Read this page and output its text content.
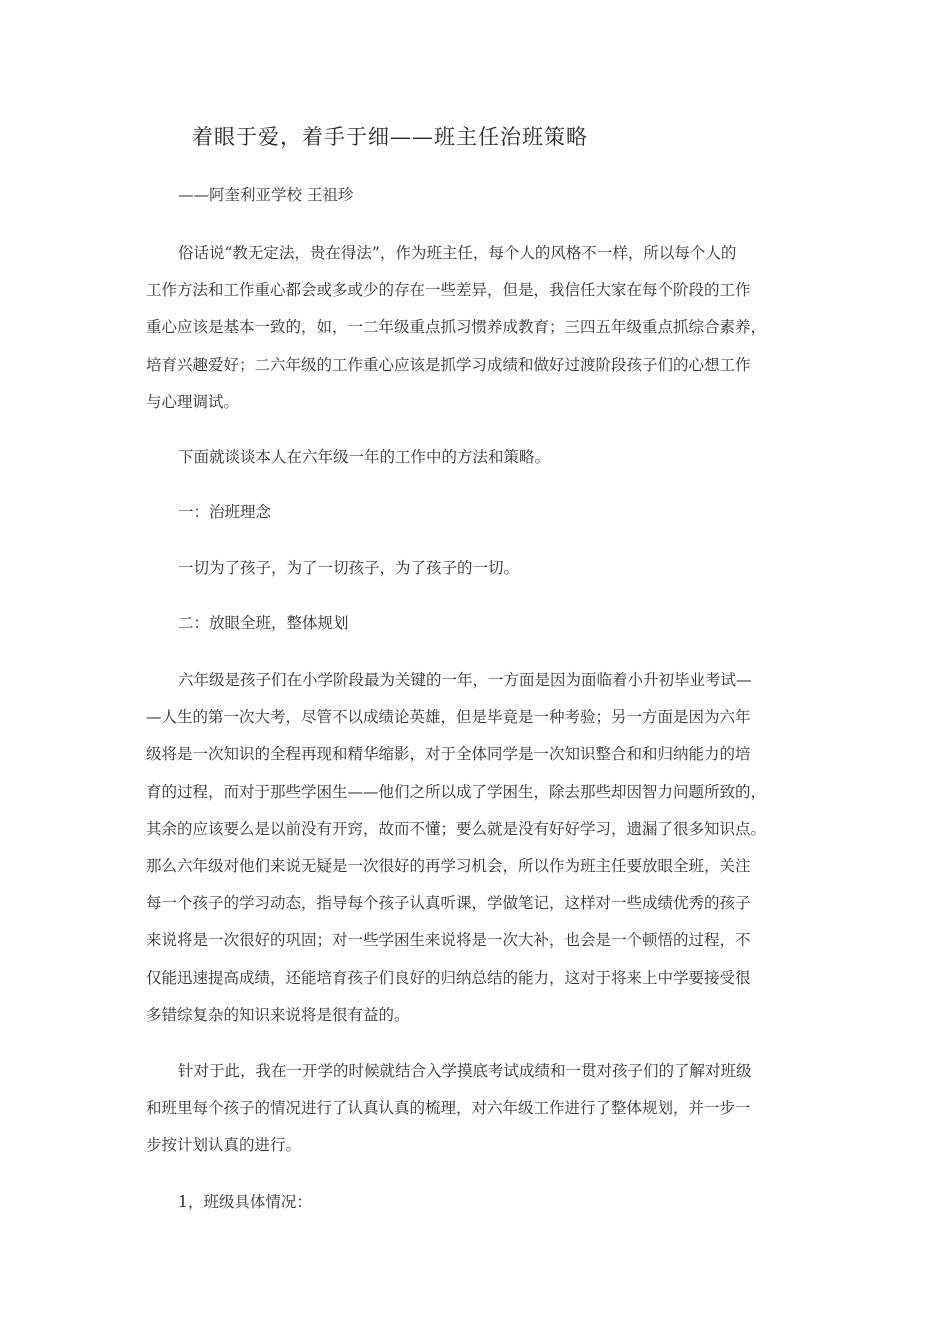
着眼于爱，着手于细——班主任治班策略
——阿奎利亚学校 王祖珍

俗话说“教无定法，贵在得法”，作为班主任，每个人的风格不一样，所以每个人的
工作方法和工作重心都会或多或少的存在一些差异，但是，我信任大家在每个阶段的工作
重心应该是基本一致的，如，一二年级重点抓习惯养成教育；三四五年级重点抓综合素养，
培育兴趣爱好；二六年级的工作重心应该是抓学习成绩和做好过渡阶段孩子们的心想工作
与心理调试。

下面就谈谈本人在六年级一年的工作中的方法和策略。
一：治班理念
一切为了孩子，为了一切孩子，为了孩子的一切。
二：放眼全班，整体规划

六年级是孩子们在小学阶段最为关键的一年，一方面是因为面临着小升初毕业考试—
—人生的第一次大考，尽管不以成绩论英雄，但是毕竟是一种考验；另一方面是因为六年
级将是一次知识的全程再现和精华缩影，对于全体同学是一次知识整合和和归纳能力的培
育的过程，而对于那些学困生——他们之所以成了学困生，除去那些却因智力问题所致的，
其余的应该要么是以前没有开窍，故而不懂；要么就是没有好好学习，遗漏了很多知识点。
那么六年级对他们来说无疑是一次很好的再学习机会，所以作为班主任要放眼全班，关注
每一个孩子的学习动态，指导每个孩子认真听课，学做笔记，这样对一些成绩优秀的孩子
来说将是一次很好的巩固；对一些学困生来说将是一次大补，也会是一个顿悟的过程，不
仅能迅速提高成绩，还能培育孩子们良好的归纳总结的能力，这对于将来上中学要接受很
多错综复杂的知识来说将是很有益的。

针对于此，我在一开学的时候就结合入学摸底考试成绩和一贯对孩子们的了解对班级
和班里每个孩子的情况进行了认真认真的梳理，对六年级工作进行了整体规划，并一步一
步按计划认真的进行。

1，班级具体情况：
